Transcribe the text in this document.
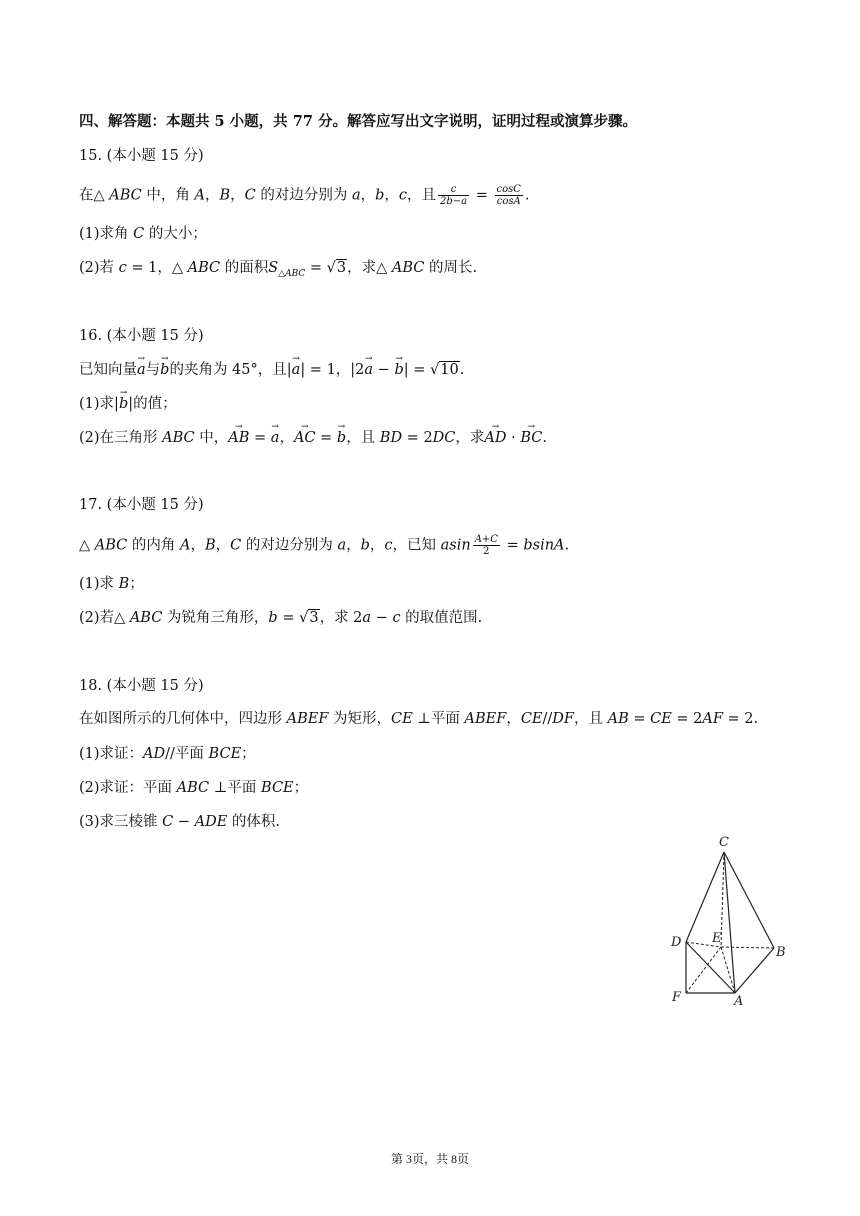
四、解答题：本题共 5 小题，共 77 分。解答应写出文字说明，证明过程或演算步骤。
15. (本小题 15 分)
在△ ABC 中，角 A，B，C 的对边分别为 a，b，c，且 $\frac{c}{2b-a} = \frac{\cos C}{\cos A}$ .
(1)求角 C 的大小；
(2)若 c = 1，△ ABC 的面积$S_{\triangle ABC} = √3$，求△ ABC 的周长.
16. (本小题 15 分)
已知向量→ a与→ b的夹角为 45°，且|→ a| = 1，|2→ a − → b| = √10.
(1)求|→ b|的值；
(2)在三角形 ABC 中，→ AB = → a，→ AC = → b，且 BD = 2DC，求→ AD · → BC.
17. (本小题 15 分)
△ ABC 的内角 A，B，C 的对边分别为 a，b，c，已知 asin $\frac{A+C}{2} = bsinA$.
(1)求 B；
(2)若△ ABC 为锐角三角形，b = √3，求 2a − c 的取值范围.
18. (本小题 15 分)
在如图所示的几何体中，四边形 ABEF 为矩形，CE ⊥平面 ABEF，CE//DF，且 AB = CE = 2AF = 2.
(1)求证：AD//平面 BCE；
(2)求证：平面 ABC ⊥平面 BCE；
(3)求三棱锥 C − ADE 的体积.
C
D E
B
F	A
第 3页，共 8页
